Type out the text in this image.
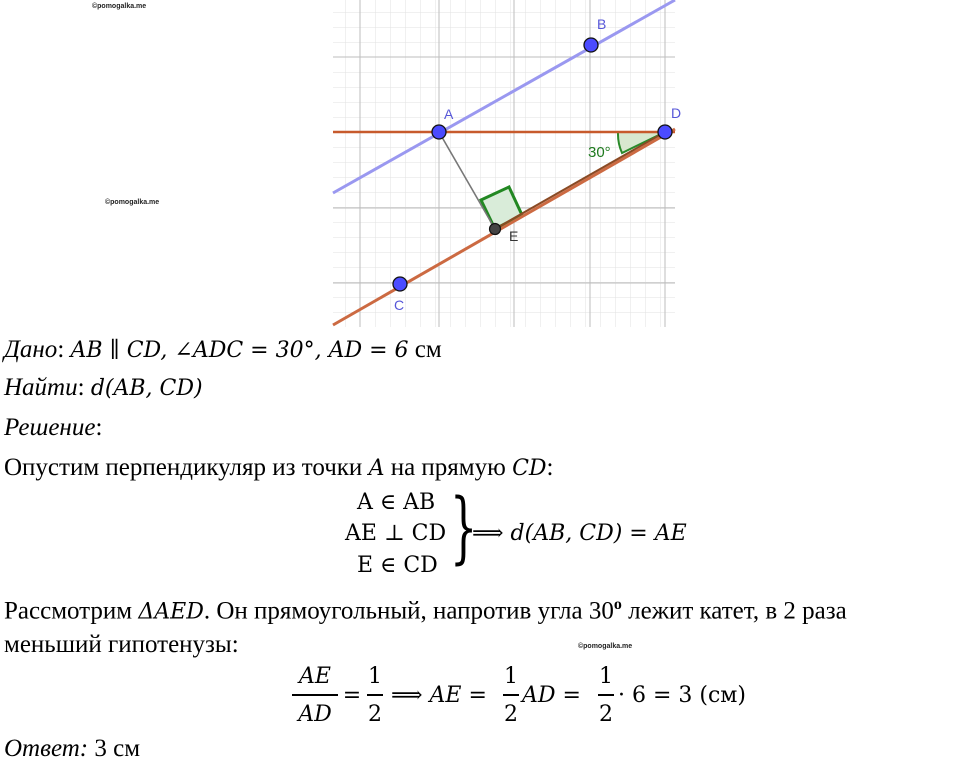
©pomogalka.me
©pomogalka.me
©pomogalka.me
A
B
C
D
E
30°
Дано: AB ∥ CD, ∠ADC = 30°, AD = 6 см
Найти: d(AB, CD)
Решение:
Опустим перпендикуляр из точки A на прямую CD:
A ∈ AB
AE ⊥ CD
E ∈ CD }
⟹ d(AB, CD) = AE
Рассмотрим ΔAED. Он прямоугольный, напротив угла 30$^o$ лежит катет, в 2 раза
меньший гипотенузы:
AE
AD
=
1
2
⟹ AE =
1
2
AD =
1
2
· 6 = 3 (см)
Ответ: 3 см
